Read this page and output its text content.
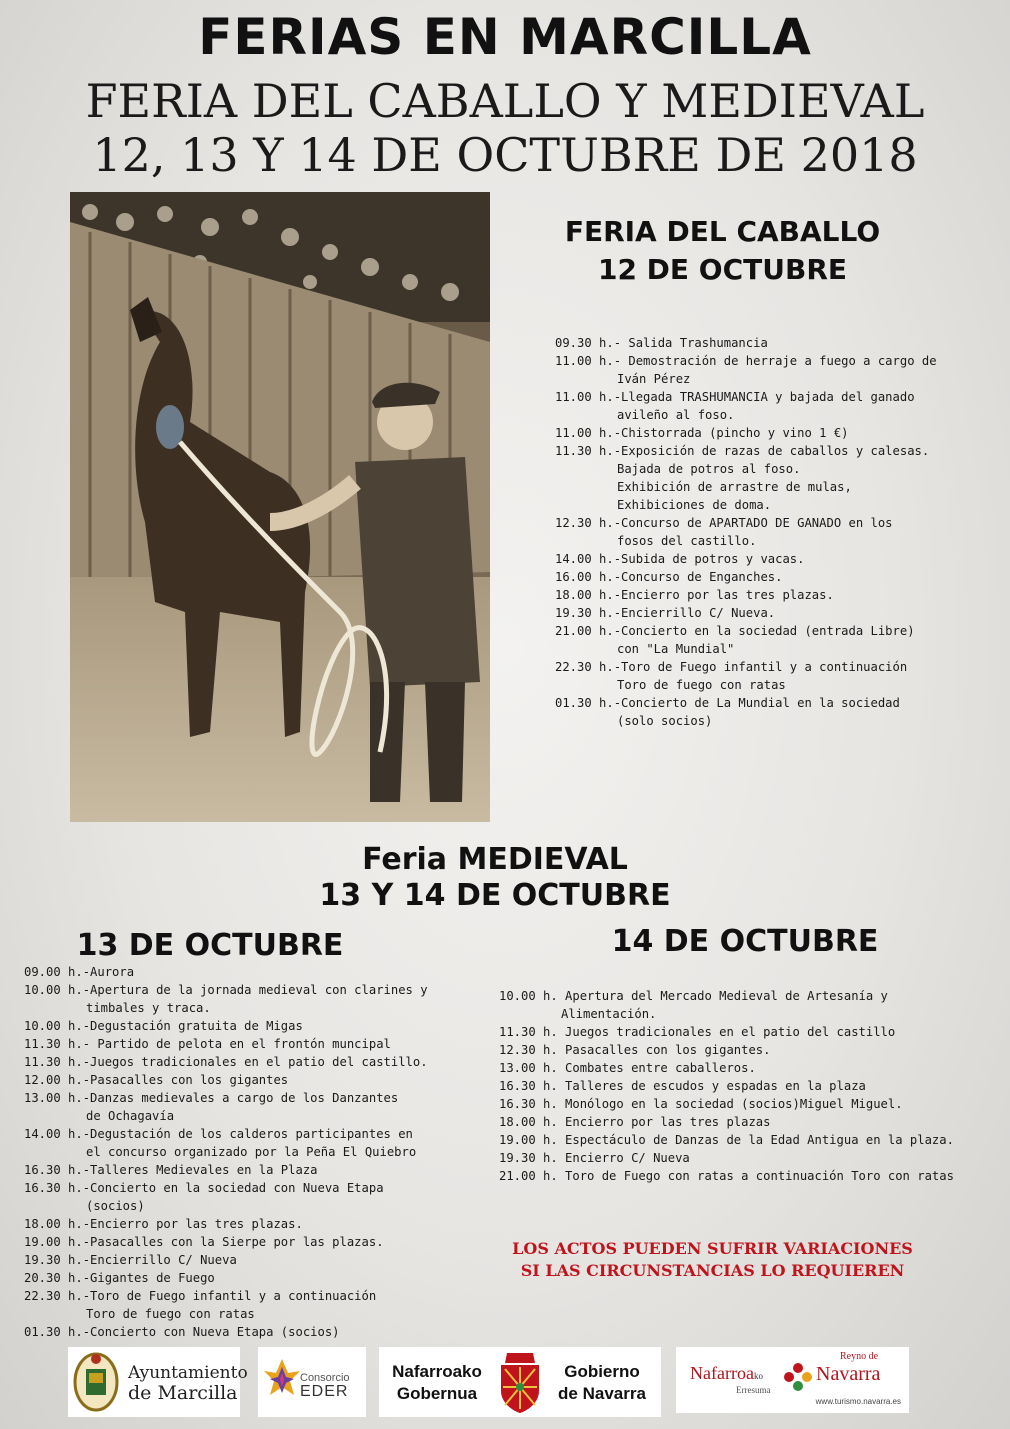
FERIAS EN MARCILLA
FERIA DEL CABALLO Y MEDIEVAL
12, 13 Y 14 DE OCTUBRE DE 2018
FERIA DEL CABALLO
12 DE OCTUBRE
09.30 h.- Salida Trashumancia
11.00 h.- Demostración de herraje a fuego a cargo de
Iván Pérez
11.00 h.-Llegada TRASHUMANCIA y bajada del ganado
avileño al foso.
11.00 h.-Chistorrada (pincho y vino 1 €)
11.30 h.-Exposición de razas de caballos y calesas.
Bajada de potros al foso.
Exhibición de arrastre de mulas,
Exhibiciones de doma.
12.30 h.-Concurso de APARTADO DE GANADO en los
fosos del castillo.
14.00 h.-Subida de potros y vacas.
16.00 h.-Concurso de Enganches.
18.00 h.-Encierro por las tres plazas.
19.30 h.-Encierrillo C/ Nueva.
21.00 h.-Concierto en la sociedad (entrada Libre)
con "La Mundial"
22.30 h.-Toro de Fuego infantil y a continuación
Toro de fuego con ratas
01.30 h.-Concierto de La Mundial en la sociedad
(solo socios)
Feria MEDIEVAL
13 Y 14 DE OCTUBRE
13 DE OCTUBRE	14 DE OCTUBRE
09.00 h.-Aurora
10.00 h.-Apertura de la jornada medieval con clarines y
timbales y traca.
10.00 h.-Degustación gratuita de Migas
11.30 h.- Partido de pelota en el frontón muncipal
11.30 h.-Juegos tradicionales en el patio del castillo.
12.00 h.-Pasacalles con los gigantes
13.00 h.-Danzas medievales a cargo de los Danzantes
de Ochagavía
14.00 h.-Degustación de los calderos participantes en
el concurso organizado por la Peña El Quiebro
16.30 h.-Talleres Medievales en la Plaza
16.30 h.-Concierto en la sociedad con Nueva Etapa
(socios)
18.00 h.-Encierro por las tres plazas.
19.00 h.-Pasacalles con la Sierpe por las plazas.
19.30 h.-Encierrillo C/ Nueva
20.30 h.-Gigantes de Fuego
22.30 h.-Toro de Fuego infantil y a continuación
Toro de fuego con ratas
01.30 h.-Concierto con Nueva Etapa (socios)
10.00 h. Apertura del Mercado Medieval de Artesanía y
Alimentación.
11.30 h. Juegos tradicionales en el patio del castillo
12.30 h. Pasacalles con los gigantes.
13.00 h. Combates entre caballeros.
16.30 h. Talleres de escudos y espadas en la plaza
16.30 h. Monólogo en la sociedad (socios)Miguel Miguel.
18.00 h. Encierro por las tres plazas
19.00 h. Espectáculo de Danzas de la Edad Antigua en la plaza.
19.30 h. Encierro C/ Nueva
21.00 h. Toro de Fuego con ratas a continuación Toro con ratas
LOS ACTOS PUEDEN SUFRIR VARIACIONES
SI LAS CIRCUNSTANCIAS LO REQUIEREN
Ayuntamiento
de Marcilla
Consorcio
EDER
Nafarroako
Gobernua
Gobierno
de Navarra
Nafarroako
Erresuma
Reyno de
Navarra
www.turismo.navarra.es
